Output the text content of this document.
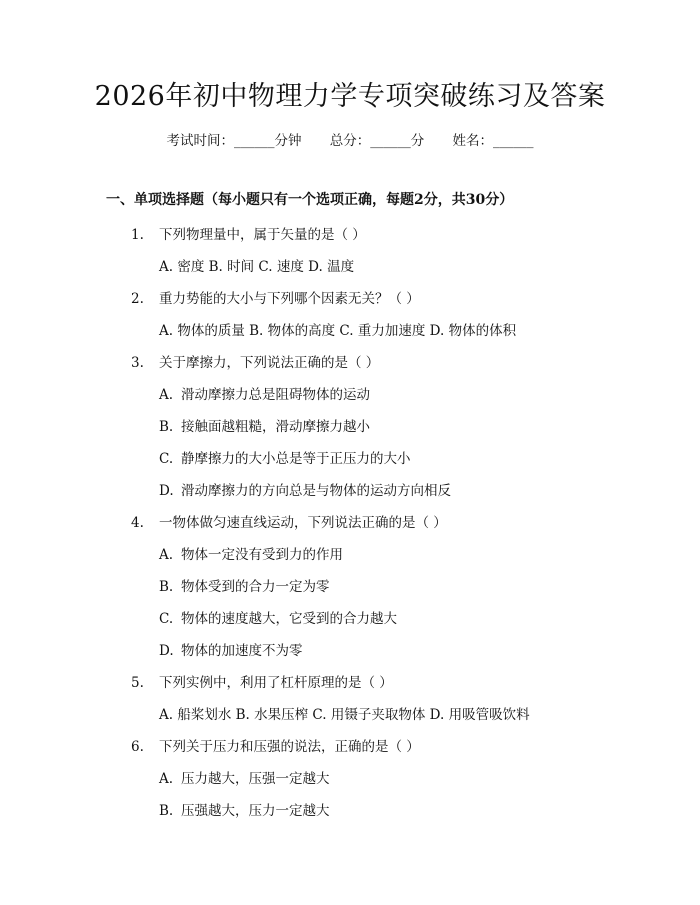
2026年初中物理力学专项突破练习及答案
考试时间：______分钟 总分：______分 姓名：______
一、单项选择题（每小题只有一个选项正确，每题2分，共30分）
1. 下列物理量中，属于矢量的是（ ）
A. 密度 B. 时间 C. 速度 D. 温度
2. 重力势能的大小与下列哪个因素无关？（ ）
A. 物体的质量 B. 物体的高度 C. 重力加速度 D. 物体的体积
3. 关于摩擦力，下列说法正确的是（ ）
A. 滑动摩擦力总是阻碍物体的运动
B. 接触面越粗糙，滑动摩擦力越小
C. 静摩擦力的大小总是等于正压力的大小
D. 滑动摩擦力的方向总是与物体的运动方向相反
4. 一物体做匀速直线运动，下列说法正确的是（ ）
A. 物体一定没有受到力的作用
B. 物体受到的合力一定为零
C. 物体的速度越大，它受到的合力越大
D. 物体的加速度不为零
5. 下列实例中，利用了杠杆原理的是（ ）
A. 船桨划水 B. 水果压榨 C. 用镊子夹取物体 D. 用吸管吸饮料
6. 下列关于压力和压强的说法，正确的是（ ）
A. 压力越大，压强一定越大
B. 压强越大，压力一定越大
